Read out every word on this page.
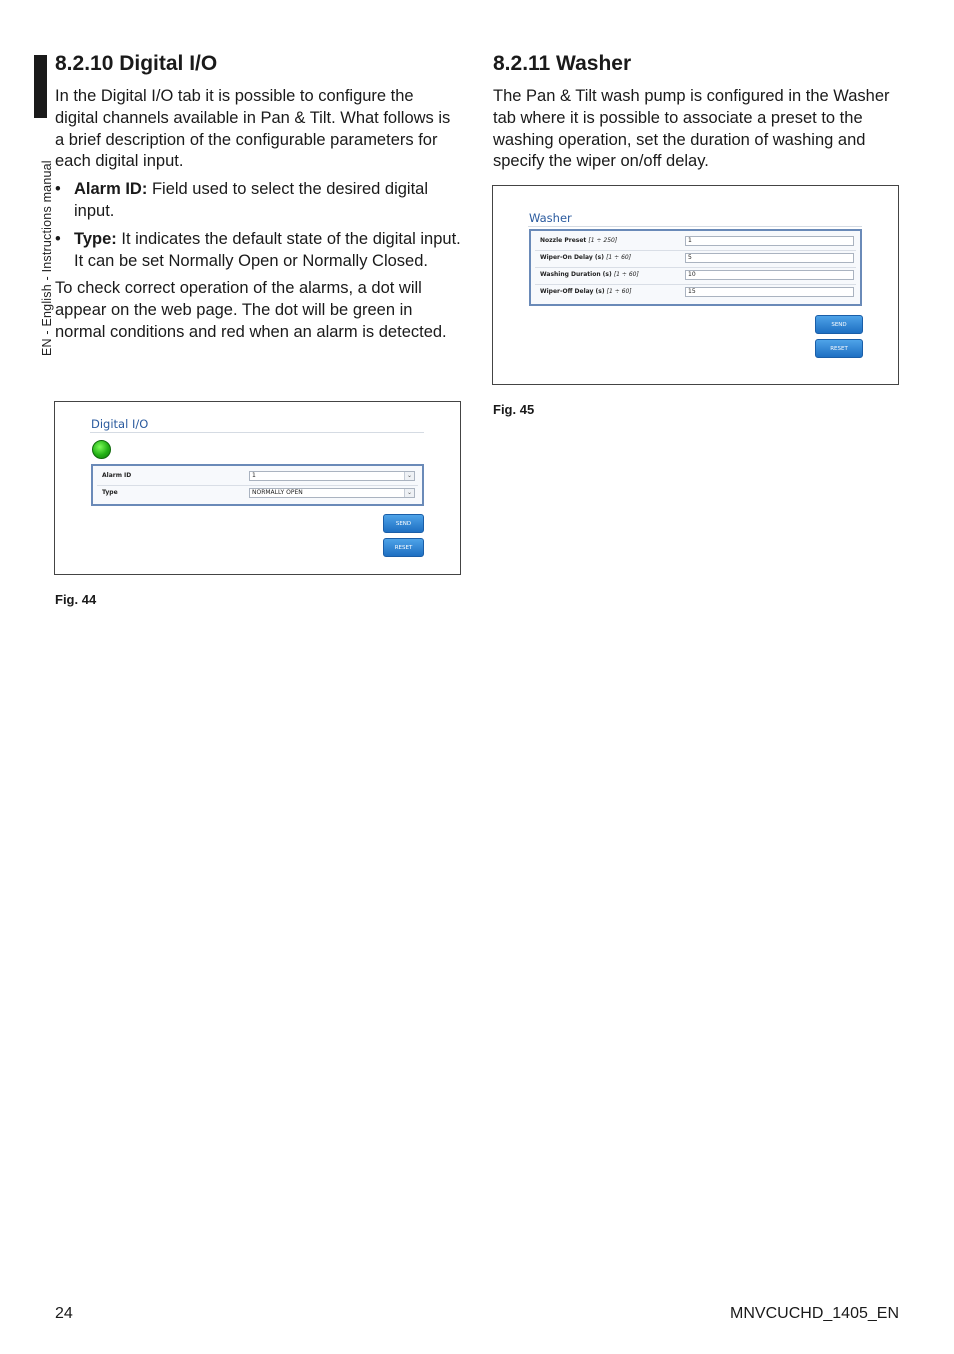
EN - English - Instructions manual
8.2.10 Digital I/O

In the Digital I/O tab it is possible to configure the digital channels available in Pan & Tilt. What follows is a brief description of the configurable parameters for each digital input.

• Alarm ID: Field used to select the desired digital input.
• Type: It indicates the default state of the digital input. It can be set Normally Open or Normally Closed.

To check correct operation of the alarms, a dot will appear on the web page. The dot will be green in normal conditions and red when an alarm is detected.

Digital I/O
Alarm ID	1	⌄
Type	NORMALLY OPEN	⌄
SEND
RESET
Fig. 44
8.2.11 Washer

The Pan & Tilt wash pump is configured in the Washer tab where it is possible to associate a preset to the washing operation, set the duration of washing and specify the wiper on/off delay.

Washer
Nozzle Preset [1 ÷ 250]	1
Wiper-On Delay (s) [1 ÷ 60]	5
Washing Duration (s) [1 ÷ 60]	10
Wiper-Off Delay (s) [1 ÷ 60]	15
SEND
RESET
Fig. 45
24	MNVCUCHD_1405_EN
